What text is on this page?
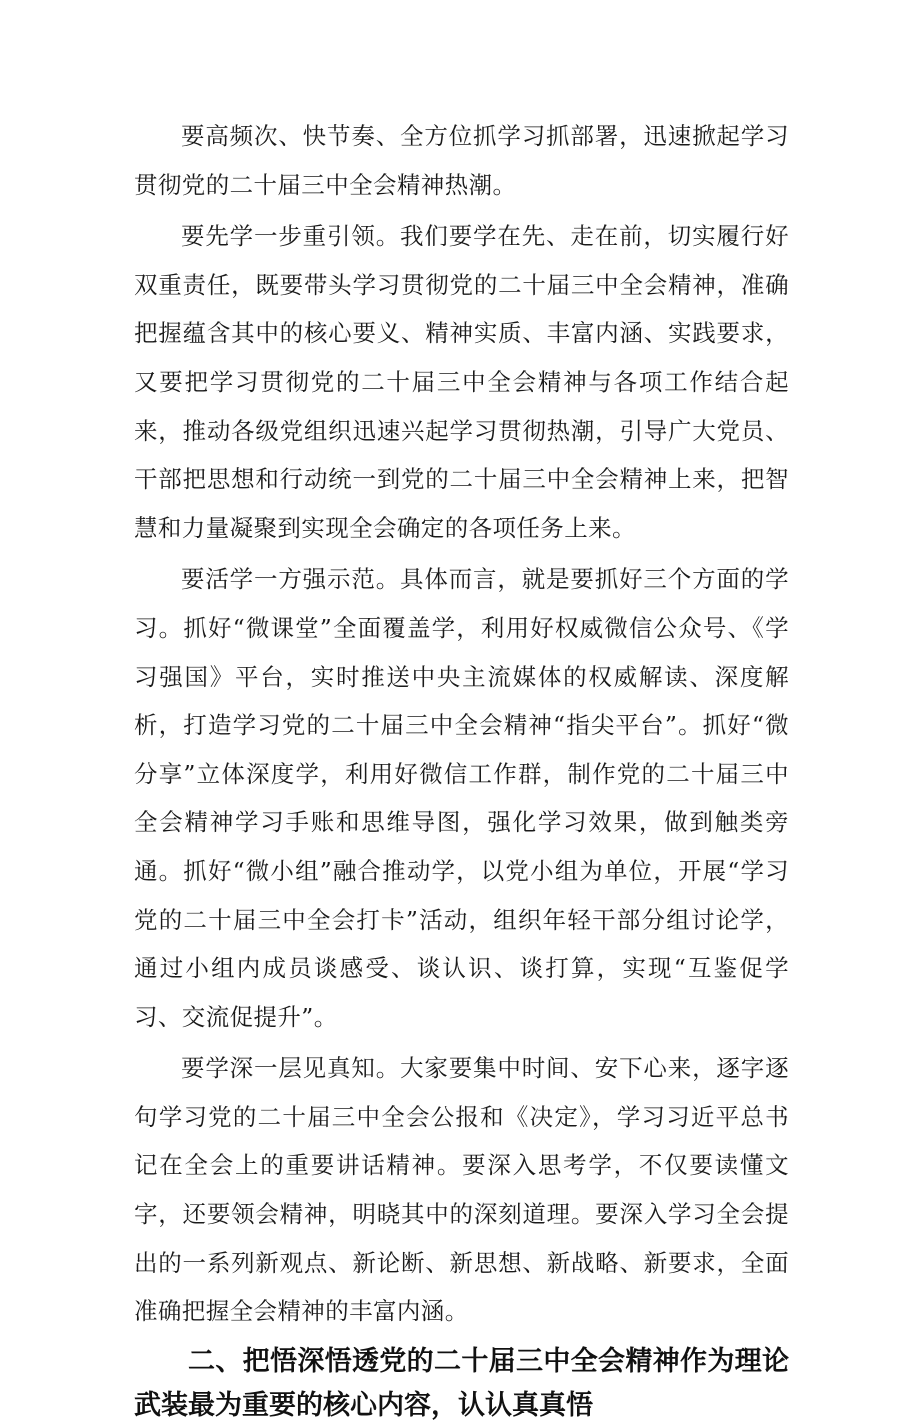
要高频次、快节奏、全方位抓学习抓部署，迅速掀起学习贯彻党的二十届三中全会精神热潮。

要先学一步重引领。我们要学在先、走在前，切实履行好双重责任，既要带头学习贯彻党的二十届三中全会精神，准确把握蕴含其中的核心要义、精神实质、丰富内涵、实践要求，又要把学习贯彻党的二十届三中全会精神与各项工作结合起来，推动各级党组织迅速兴起学习贯彻热潮，引导广大党员、干部把思想和行动统一到党的二十届三中全会精神上来，把智慧和力量凝聚到实现全会确定的各项任务上来。

要活学一方强示范。具体而言，就是要抓好三个方面的学习。抓好“微课堂”全面覆盖学，利用好权威微信公众号、《学习强国》平台，实时推送中央主流媒体的权威解读、深度解析，打造学习党的二十届三中全会精神“指尖平台”。抓好“微分享”立体深度学，利用好微信工作群，制作党的二十届三中全会精神学习手账和思维导图，强化学习效果，做到触类旁通。抓好“微小组”融合推动学，以党小组为单位，开展“学习党的二十届三中全会打卡”活动，组织年轻干部分组讨论学，通过小组内成员谈感受、谈认识、谈打算，实现“互鉴促学习、交流促提升”。

要学深一层见真知。大家要集中时间、安下心来，逐字逐句学习党的二十届三中全会公报和《决定》，学习习近平总书记在全会上的重要讲话精神。要深入思考学，不仅要读懂文字，还要领会精神，明晓其中的深刻道理。要深入学习全会提出的一系列新观点、新论断、新思想、新战略、新要求，全面准确把握全会精神的丰富内涵。

二、把悟深悟透党的二十届三中全会精神作为理论武装最为重要的核心内容，认认真真悟
